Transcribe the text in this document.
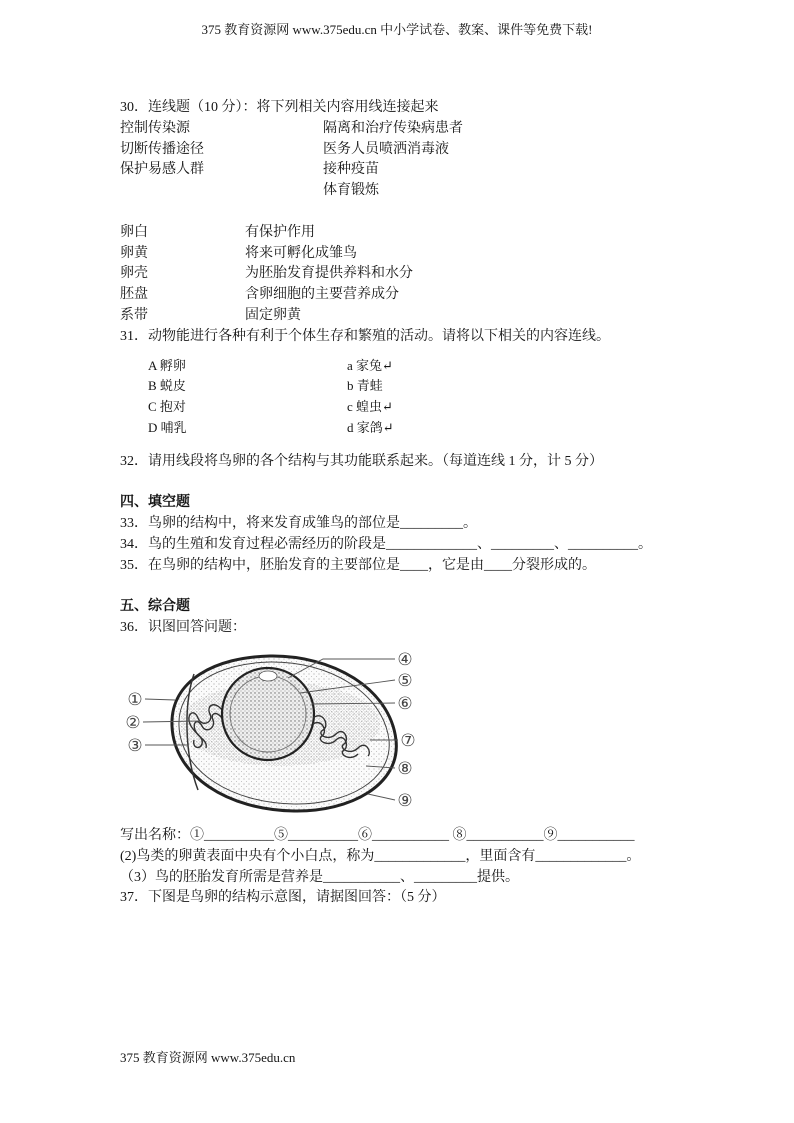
375 教育资源网 www.375edu.cn 中小学试卷、教案、课件等免费下载!
30．连线题（10 分）：将下列相关内容用线连接起来
控制传染源
切断传播途径
保护易感人群
隔离和治疗传染病患者
医务人员喷洒消毒液
接种疫苗
体育锻炼
卵白
卵黄
卵壳
胚盘
系带
有保护作用
将来可孵化成雏鸟
为胚胎发育提供养料和水分
含卵细胞的主要营养成分
固定卵黄
31．动物能进行各种有利于个体生存和繁殖的活动。请将以下相关的内容连线。
A 孵卵
B 蜕皮
C 抱对
D 哺乳
a 家兔↵
b 青蛙
c 蝗虫↵
d 家鸽↵
32．请用线段将鸟卵的各个结构与其功能联系起来。（每道连线 1 分，计 5 分）
四、填空题
33．鸟卵的结构中，将来发育成雏鸟的部位是_________。
34．鸟的生殖和发育过程必需经历的阶段是_____________、_________、__________。
35．在鸟卵的结构中，胚胎发育的主要部位是____，它是由____分裂形成的。
五、综合题
36．识图回答问题：
①
②
③
④
⑤
⑥
⑦
⑧
⑨
写出名称：①__________⑤__________⑥___________ ⑧___________⑨___________
(2)鸟类的卵黄表面中央有个小白点，称为_____________，里面含有_____________。
（3）鸟的胚胎发育所需是营养是___________、_________提供。
37．下图是鸟卵的结构示意图，请据图回答：（5 分）
375 教育资源网 www.375edu.cn
